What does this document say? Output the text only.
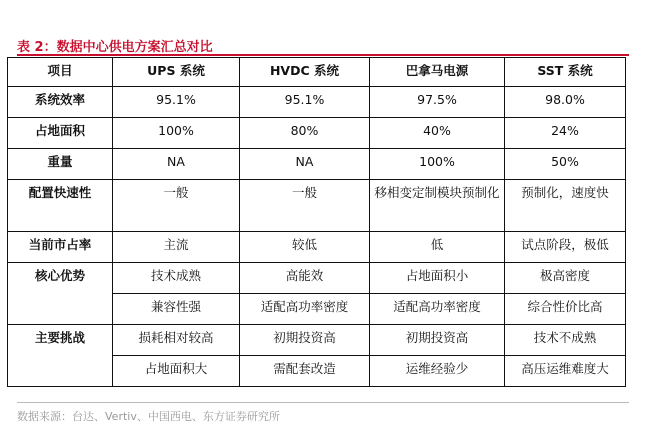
表 2：数据中心供电方案汇总对比
项目	UPS 系统	HVDC 系统	巴拿马电源	SST 系统
系统效率	95.1%	95.1%	97.5%	98.0%
占地面积	100%	80%	40%	24%
重量	NA	NA	100%	50%
配置快速性	一般	一般	移相变定制模块预制化	预制化，速度快
当前市占率	主流	较低	低	试点阶段，极低
核心优势	技术成熟	高能效	占地面积小	极高密度
	兼容性强	适配高功率密度	适配高功率密度	综合性价比高
主要挑战	损耗相对较高	初期投资高	初期投资高	技术不成熟
	占地面积大	需配套改造	运维经验少	高压运维难度大
数据来源：台达、Vertiv、中国西电、东方证券研究所
